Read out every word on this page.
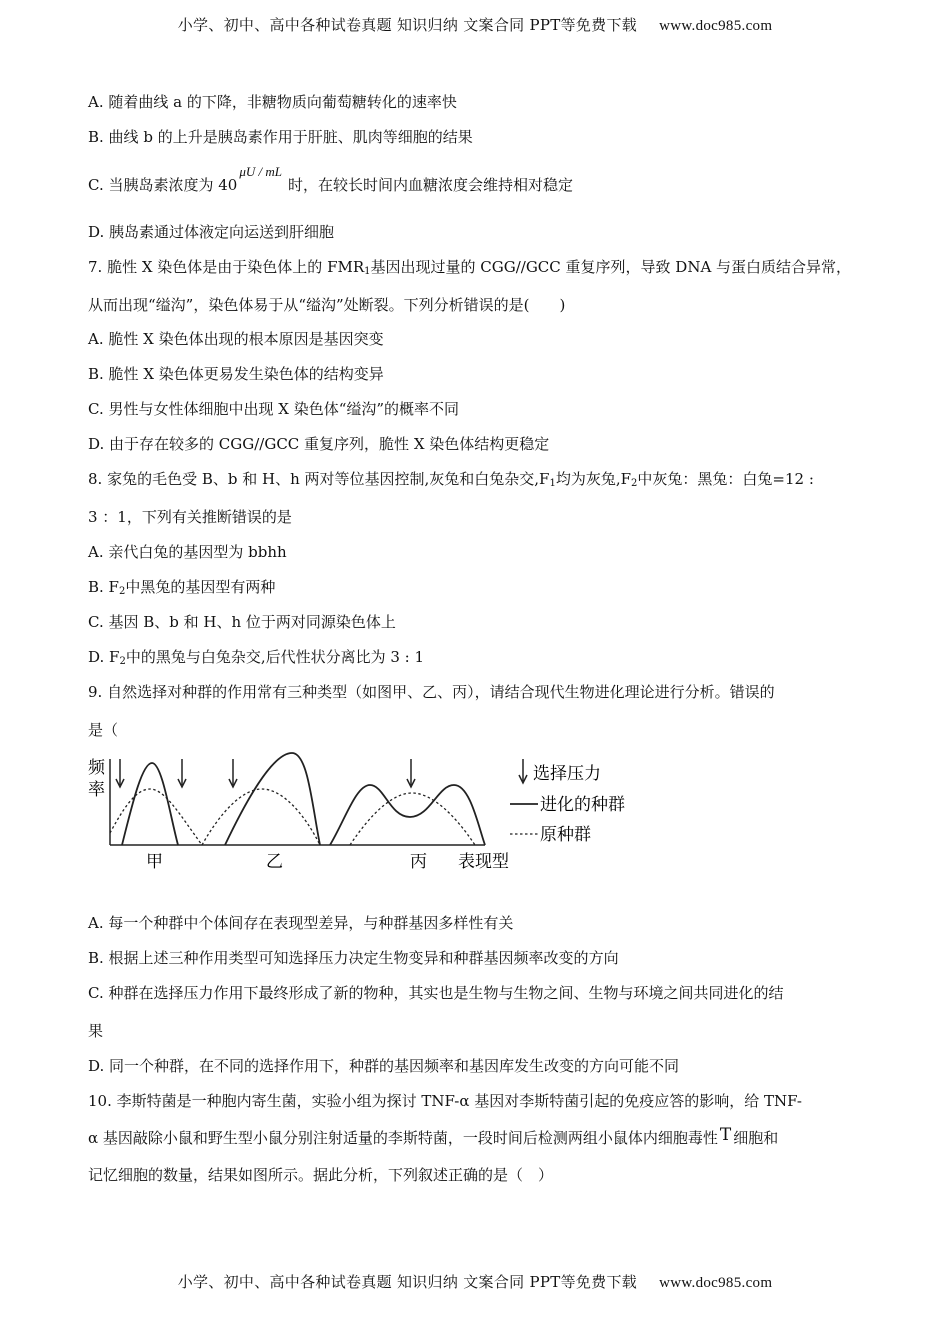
小学、初中、高中各种试卷真题 知识归纳 文案合同 PPT等免费下载 www.doc985.com
A. 随着曲线 a 的下降，非糖物质向葡萄糖转化的速率快
B. 曲线 b 的上升是胰岛素作用于肝脏、肌肉等细胞的结果
C. 当胰岛素浓度为 40μU / mL时，在较长时间内血糖浓度会维持相对稳定
D. 胰岛素通过体液定向运送到肝细胞
7. 脆性 X 染色体是由于染色体上的 $FMR_1$基因出现过量的 CGG//GCC 重复序列，导致 DNA 与蛋白质结合异常，
从而出现“缢沟”，染色体易于从“缢沟”处断裂。下列分析错误的是(　　)
A. 脆性 X 染色体出现的根本原因是基因突变
B. 脆性 X 染色体更易发生染色体的结构变异
C. 男性与女性体细胞中出现 X 染色体“缢沟”的概率不同
D. 由于存在较多的 CGG//GCC 重复序列，脆性 X 染色体结构更稳定
8. 家兔的毛色受 B、b 和 H、h 两对等位基因控制,灰兔和白兔杂交$,F_1$均为灰兔$,F_2$中灰兔：黑兔：白兔=12 :
3 ：1，下列有关推断错误的是
A. 亲代白兔的基因型为 bbhh
B. $F_2$中黑兔的基因型有两种
C. 基因 B、b 和 H、h 位于两对同源染色体上
D. $F_2$中的黑兔与白兔杂交,后代性状分离比为 3 : 1
9. 自然选择对种群的作用常有三种类型（如图甲、乙、丙），请结合现代生物进化理论进行分析。错误的
是（
频
率
甲	乙	丙 表现型
选择压力
进化的种群
原种群
A. 每一个种群中个体间存在表现型差异，与种群基因多样性有关
B. 根据上述三种作用类型可知选择压力决定生物变异和种群基因频率改变的方向
C. 种群在选择压力作用下最终形成了新的物种，其实也是生物与生物之间、生物与环境之间共同进化的结
果
D. 同一个种群，在不同的选择作用下，种群的基因频率和基因库发生改变的方向可能不同
10. 李斯特菌是一种胞内寄生菌，实验小组为探讨 TNF-α 基因对李斯特菌引起的免疫应答的影响，给 TNF-
α 基因敲除小鼠和野生型小鼠分别注射适量的李斯特菌，一段时间后检测两组小鼠体内细胞毒性 T 细胞和
记忆细胞的数量，结果如图所示。据此分析，下列叙述正确的是（　）
小学、初中、高中各种试卷真题 知识归纳 文案合同 PPT等免费下载 www.doc985.com
